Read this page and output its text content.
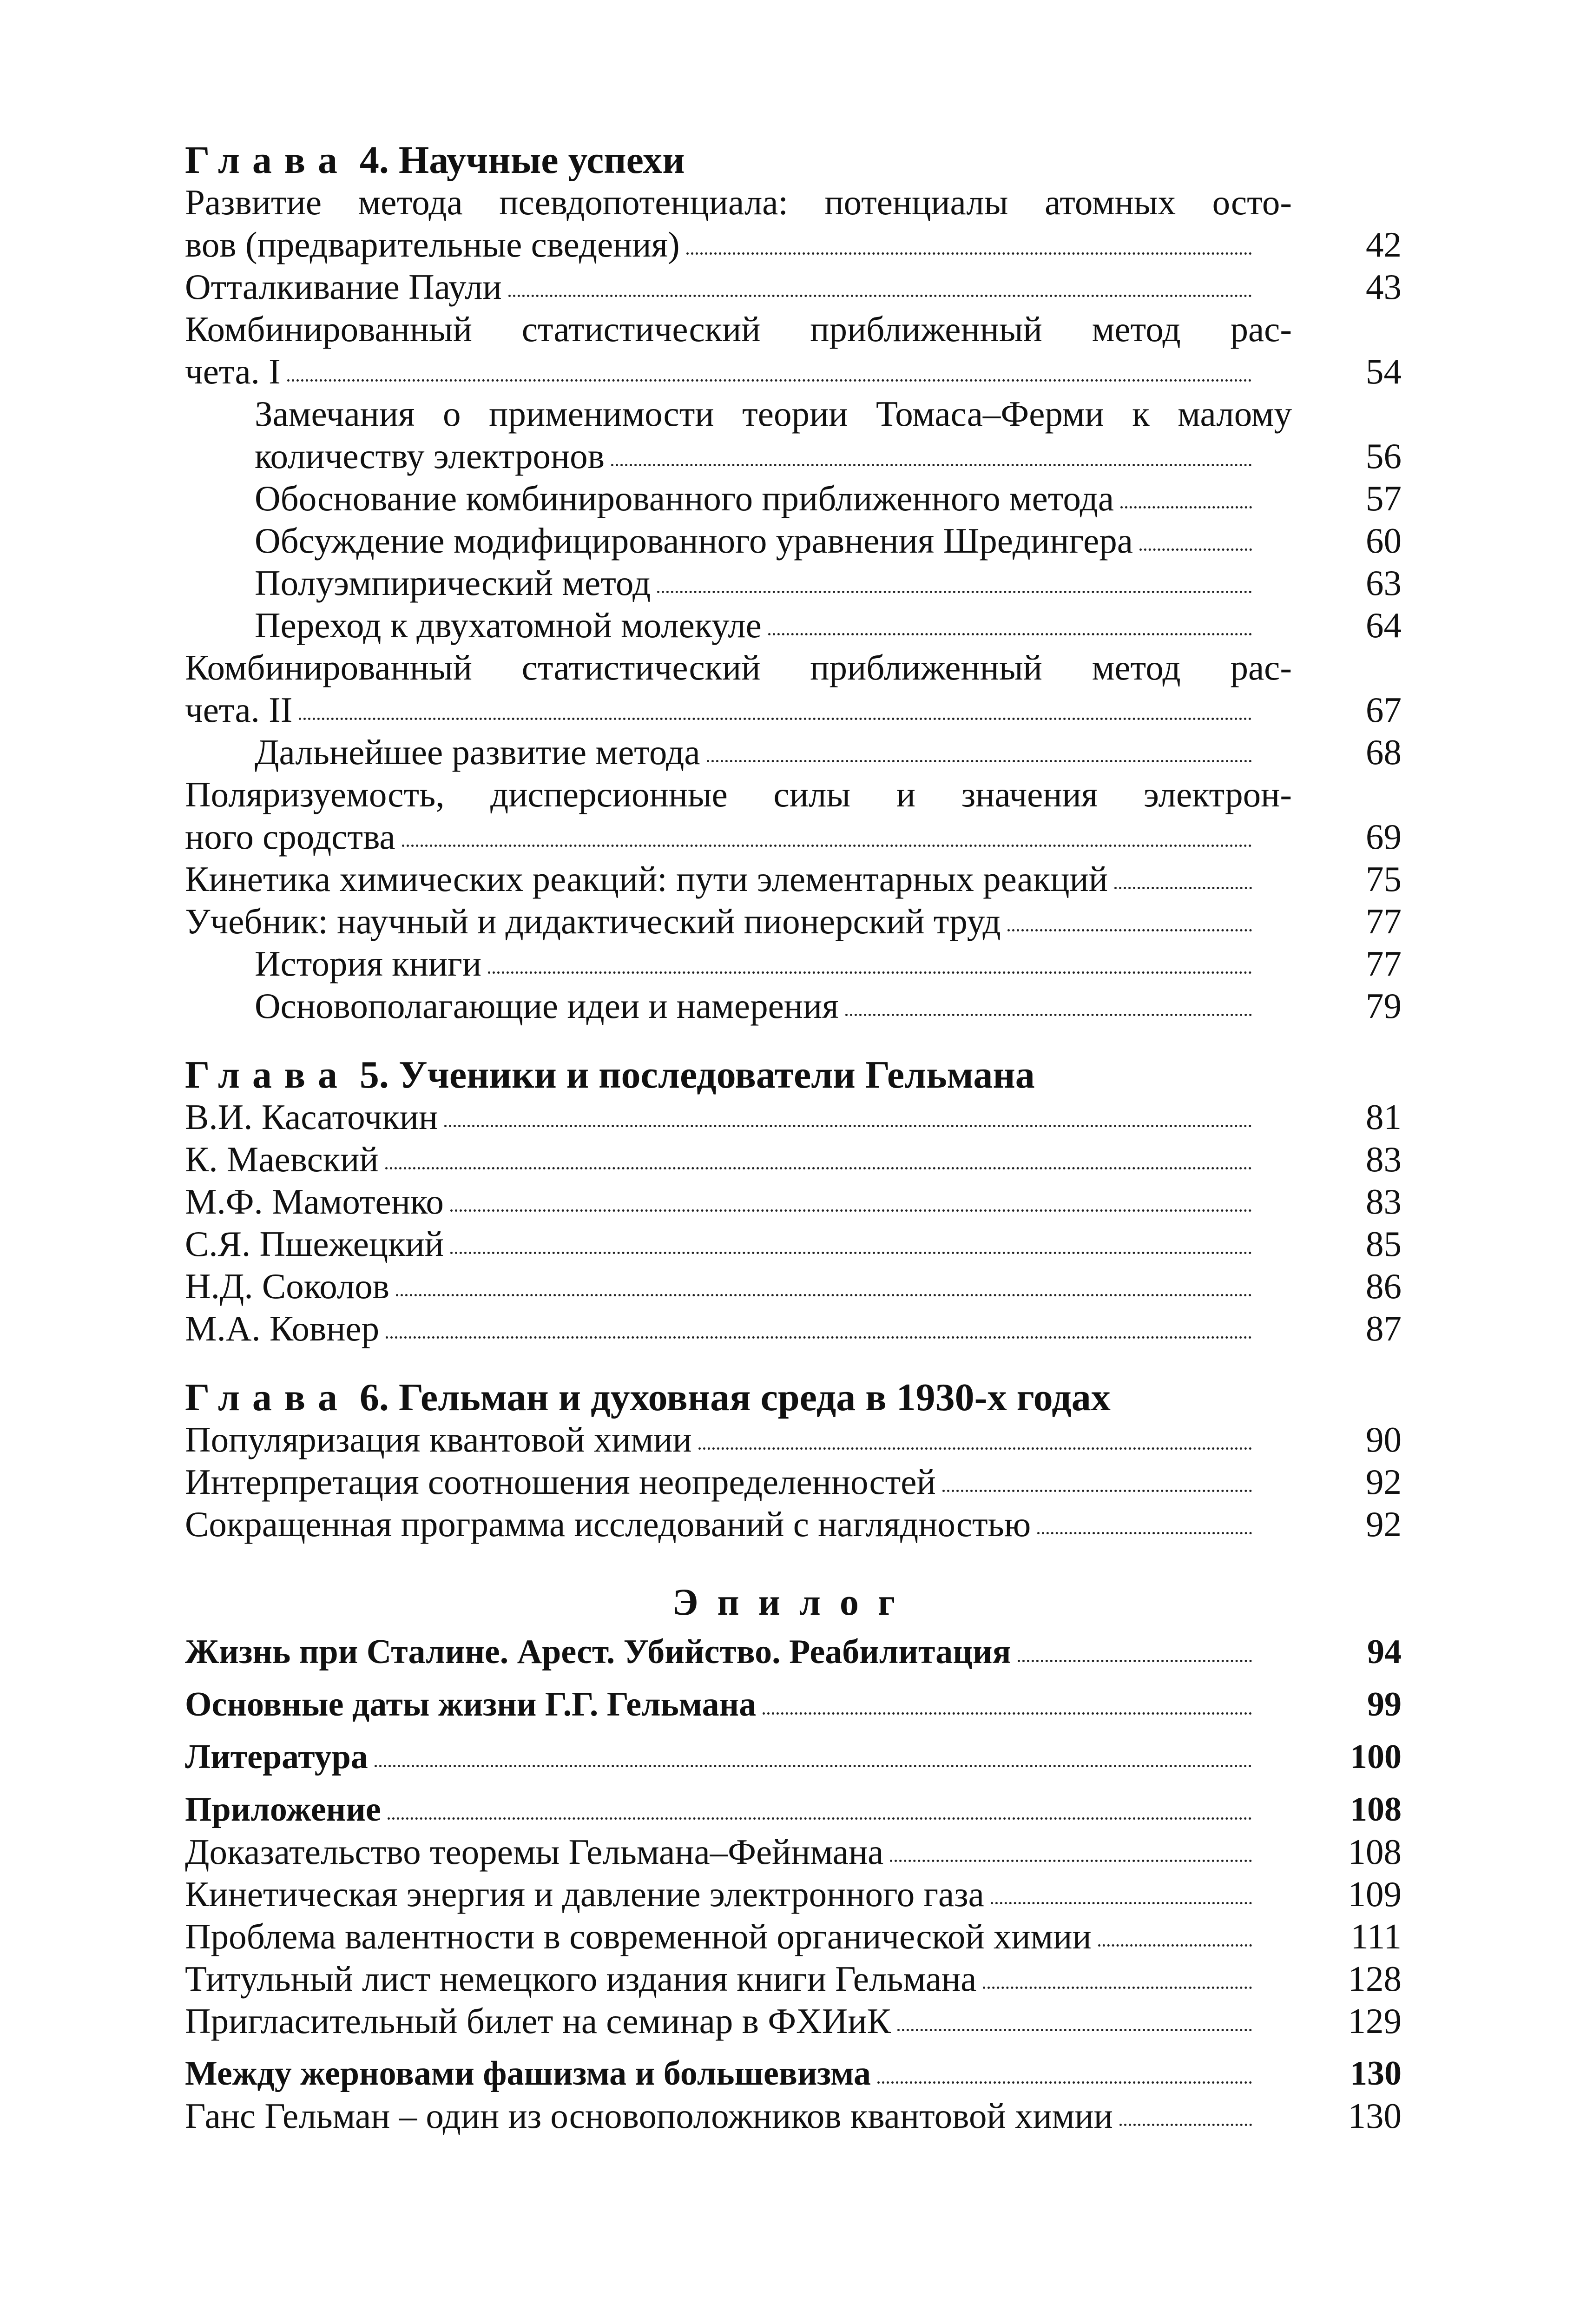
Глава 4. Научные успехи
Развитие метода псевдопотенциала: потенциалы атомных осто-
вов (предварительные сведения)	42
Отталкивание Паули	43
Комбинированный статистический приближенный метод рас-
чета. I	54
Замечания о применимости теории Томаса–Ферми к малому
количеству электронов	56
Обоснование комбинированного приближенного метода	57
Обсуждение модифицированного уравнения Шредингера	60
Полуэмпирический метод	63
Переход к двухатомной молекуле	64
Комбинированный статистический приближенный метод рас-
чета. II	67
Дальнейшее развитие метода	68
Поляризуемость, дисперсионные силы и значения электрон-
ного сродства	69
Кинетика химических реакций: пути элементарных реакций	75
Учебник: научный и дидактический пионерский труд	77
История книги	77
Основополагающие идеи и намерения	79
Глава 5. Ученики и последователи Гельмана
В.И. Касаточкин	81
К. Маевский	83
М.Ф. Мамотенко	83
С.Я. Пшежецкий	85
Н.Д. Соколов	86
М.А. Ковнер	87
Глава 6. Гельман и духовная среда в 1930-х годах
Популяризация квантовой химии	90
Интерпретация соотношения неопределенностей	92
Сокращенная программа исследований с наглядностью	92
Эпилог
Жизнь при Сталине. Арест. Убийство. Реабилитация	94
Основные даты жизни Г.Г. Гельмана	99
Литература	100
Приложение	108
Доказательство теоремы Гельмана–Фейнмана	108
Кинетическая энергия и давление электронного газа	109
Проблема валентности в современной органической химии	111
Титульный лист немецкого издания книги Гельмана	128
Пригласительный билет на семинар в ФХИиК	129
Между жерновами фашизма и большевизма	130
Ганс Гельман – один из основоположников квантовой химии	130
